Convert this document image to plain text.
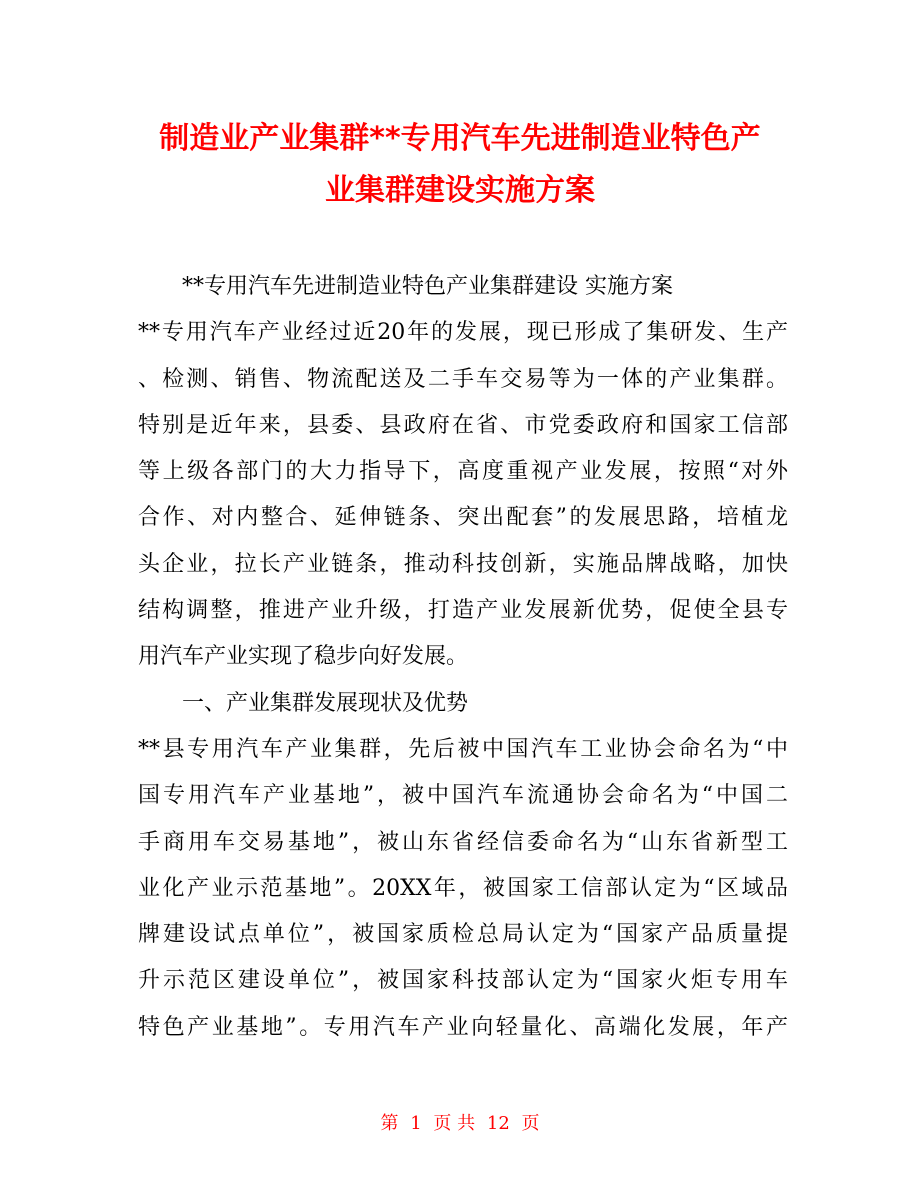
制造业产业集群**专用汽车先进制造业特色产
业集群建设实施方案
**专用汽车先进制造业特色产业集群建设 实施方案
**专用汽车产业经过近20年的发展，现已形成了集研发、生产
、检测、销售、物流配送及二手车交易等为一体的产业集群。
特别是近年来，县委、县政府在省、市党委政府和国家工信部
等上级各部门的大力指导下，高度重视产业发展，按照“对外
合作、对内整合、延伸链条、突出配套”的发展思路，培植龙
头企业，拉长产业链条，推动科技创新，实施品牌战略，加快
结构调整，推进产业升级，打造产业发展新优势，促使全县专
用汽车产业实现了稳步向好发展。
一、产业集群发展现状及优势
**县专用汽车产业集群，先后被中国汽车工业协会命名为“中
国专用汽车产业基地”，被中国汽车流通协会命名为“中国二
手商用车交易基地”，被山东省经信委命名为“山东省新型工
业化产业示范基地”。20XX年，被国家工信部认定为“区域品
牌建设试点单位”，被国家质检总局认定为“国家产品质量提
升示范区建设单位”，被国家科技部认定为“国家火炬专用车
特色产业基地”。专用汽车产业向轻量化、高端化发展，年产
第 1 页 共 12 页
